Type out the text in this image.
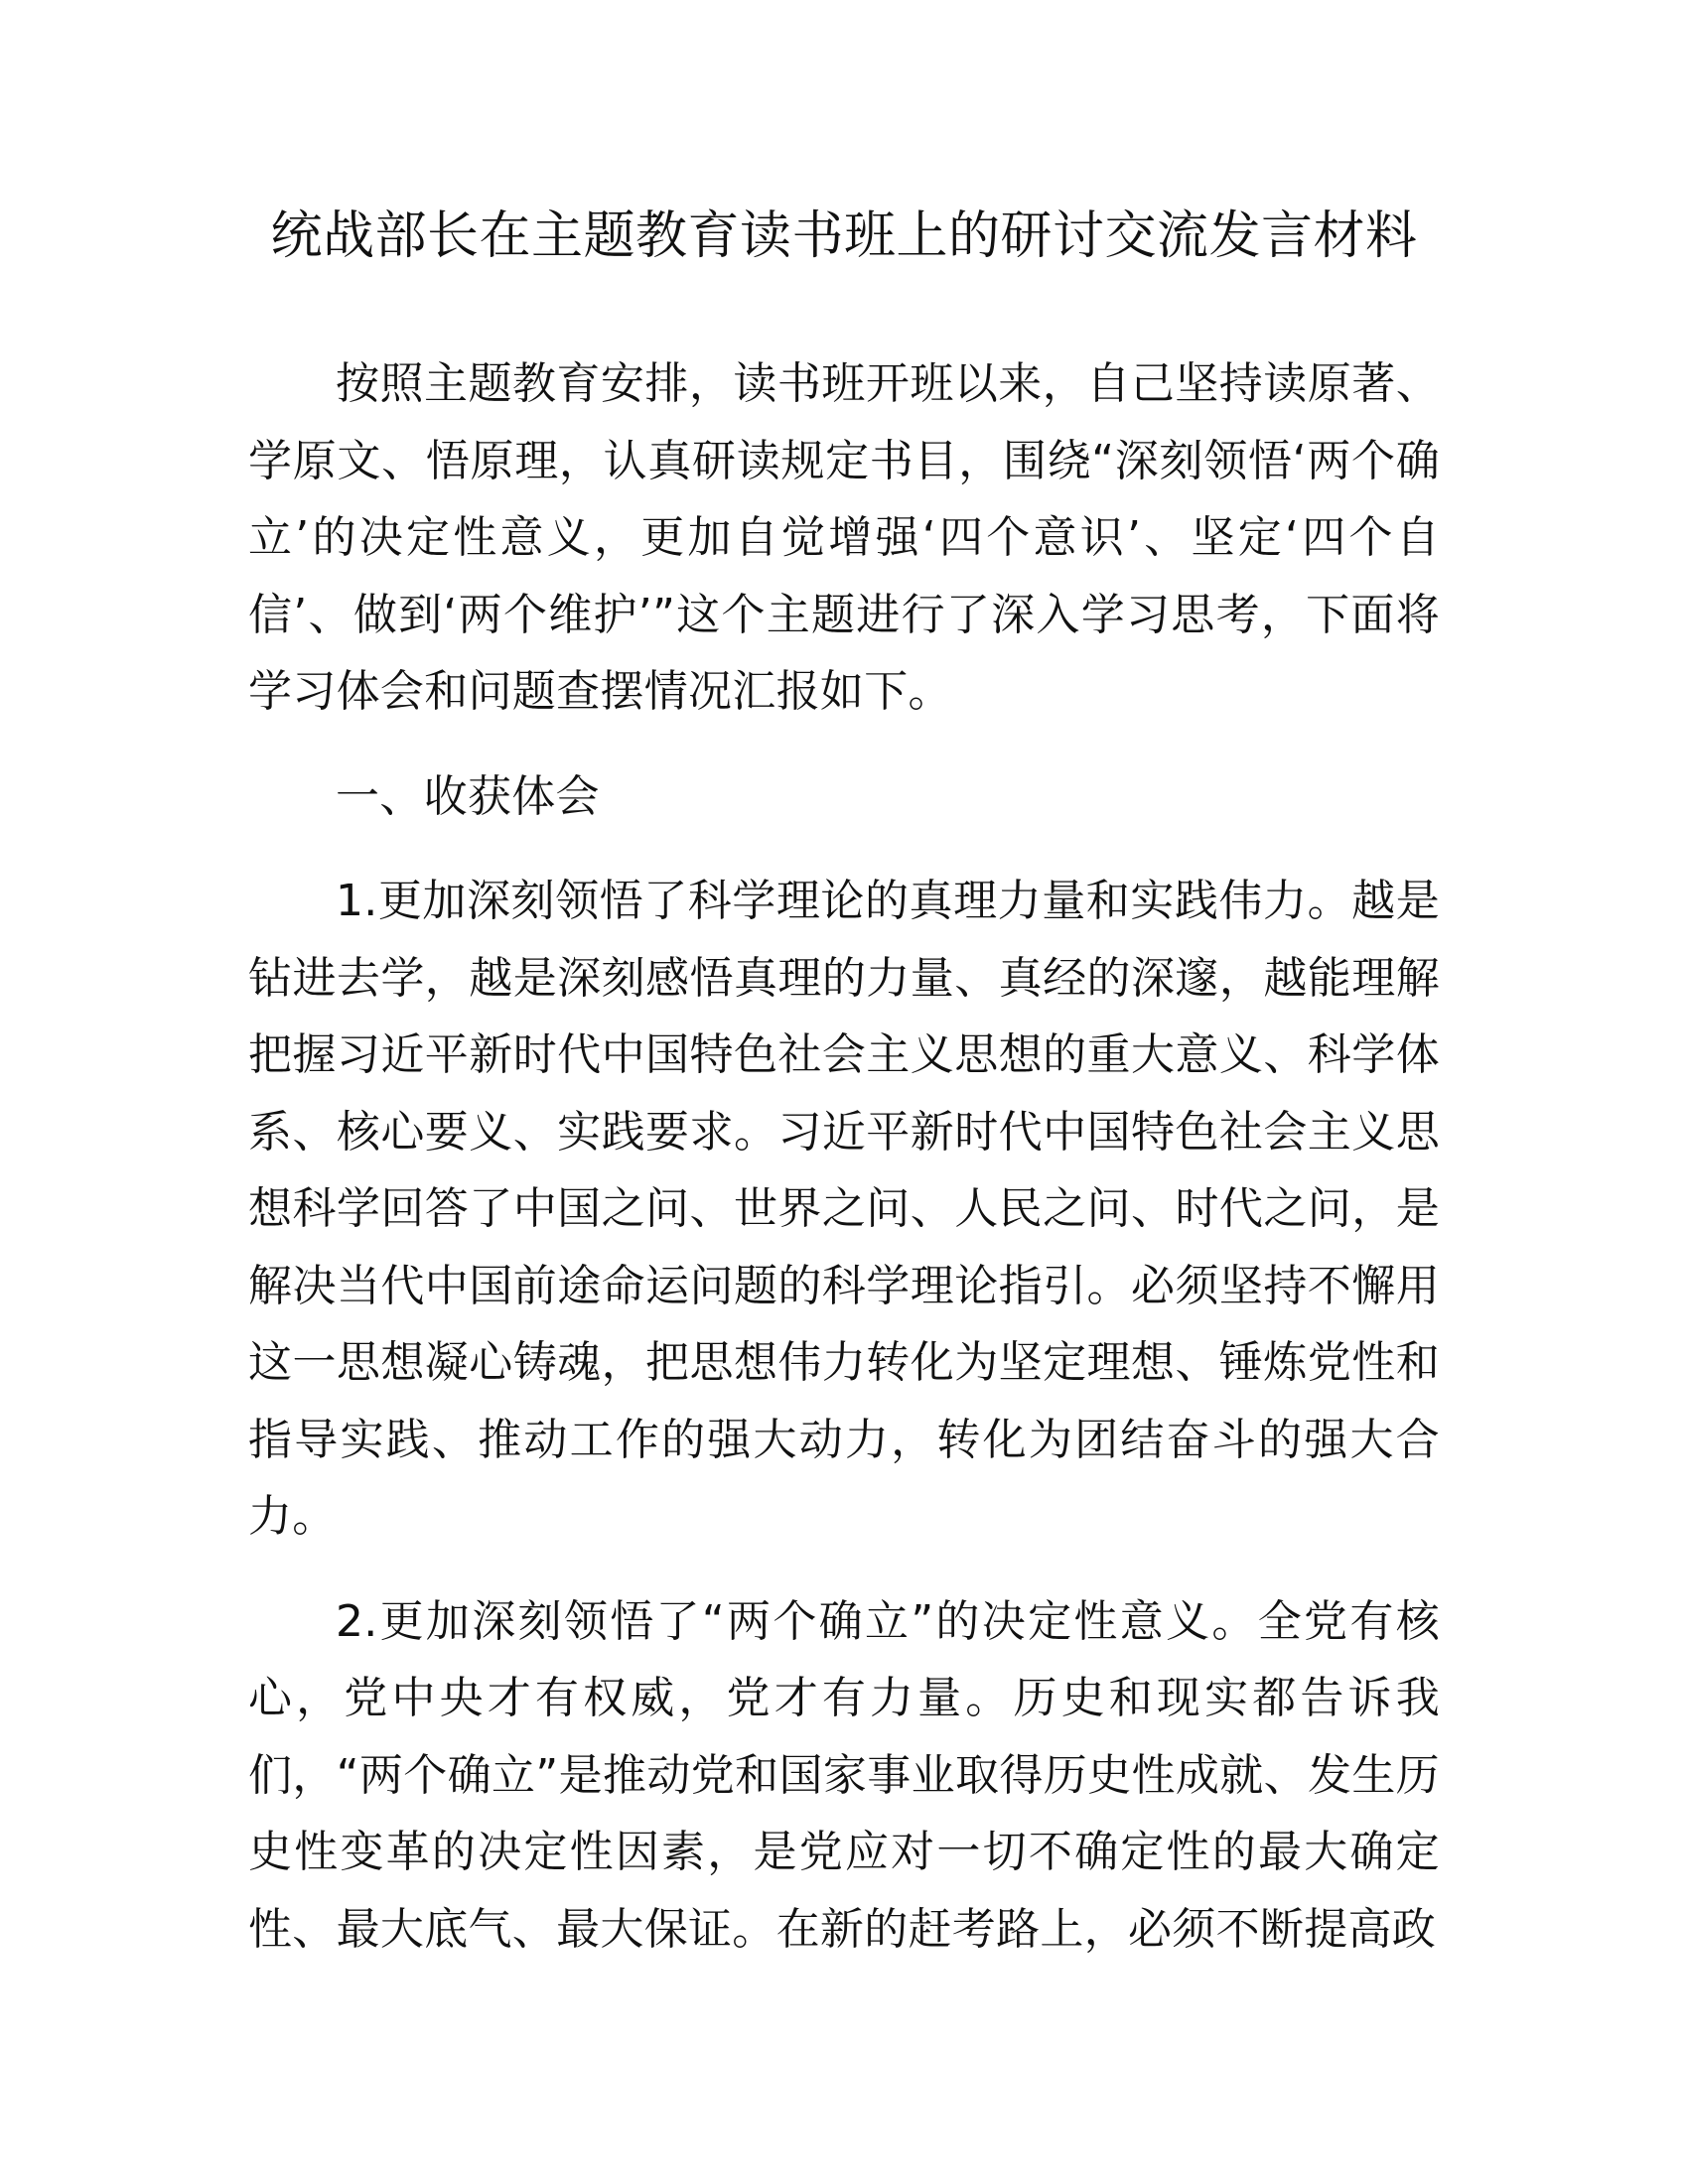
统战部长在主题教育读书班上的研讨交流发言材料

按照主题教育安排，读书班开班以来，自己坚持读原著、学原文、悟原理，认真研读规定书目，围绕“深刻领悟‘两个确立’的决定性意义，更加自觉增强‘四个意识’、坚定‘四个自信’、做到‘两个维护’”这个主题进行了深入学习思考，下面将学习体会和问题查摆情况汇报如下。

一、收获体会

1.更加深刻领悟了科学理论的真理力量和实践伟力。越是钻进去学，越是深刻感悟真理的力量、真经的深邃，越能理解把握习近平新时代中国特色社会主义思想的重大意义、科学体系、核心要义、实践要求。习近平新时代中国特色社会主义思想科学回答了中国之问、世界之问、人民之问、时代之问，是解决当代中国前途命运问题的科学理论指引。必须坚持不懈用这一思想凝心铸魂，把思想伟力转化为坚定理想、锤炼党性和指导实践、推动工作的强大动力，转化为团结奋斗的强大合力。

2.更加深刻领悟了“两个确立”的决定性意义。全党有核心，党中央才有权威，党才有力量。历史和现实都告诉我们，“两个确立”是推动党和国家事业取得历史性成就、发生历史性变革的决定性因素，是党应对一切不确定性的最大确定性、最大底气、最大保证。在新的赶考路上，必须不断提高政
